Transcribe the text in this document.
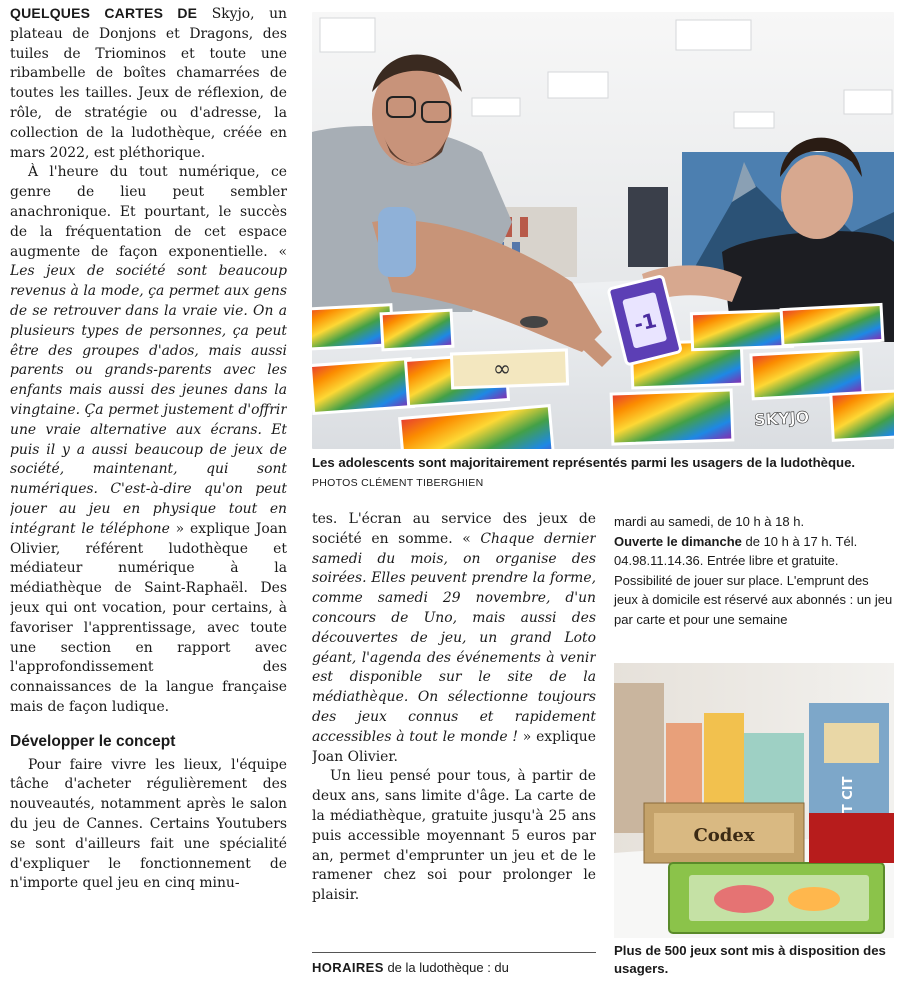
QUELQUES CARTES DE Skyjo, un plateau de Donjons et Dragons, des tuiles de Triominos et toute une ribambelle de boîtes chamarrées de toutes les tailles. Jeux de réflexion, de rôle, de stratégie ou d'adresse, la collection de la ludothèque, créée en mars 2022, est pléthorique.

À l'heure du tout numérique, ce genre de lieu peut sembler anachronique. Et pourtant, le succès de la fréquentation de cet espace augmente de façon exponentielle. « Les jeux de société sont beaucoup revenus à la mode, ça permet aux gens de se retrouver dans la vraie vie. On a plusieurs types de personnes, ça peut être des groupes d'ados, mais aussi parents ou grands-parents avec les enfants mais aussi des jeunes dans la vingtaine. Ça permet justement d'offrir une vraie alternative aux écrans. Et puis il y a aussi beaucoup de jeux de société, maintenant, qui sont numériques. C'est-à-dire qu'on peut jouer au jeu en physique tout en intégrant le téléphone » explique Joan Olivier, référent ludothèque et médiateur numérique à la médiathèque de Saint-Raphaël. Des jeux qui ont vocation, pour certains, à favoriser l'apprentissage, avec toute une section en rapport avec l'approfondissement des connaissances de la langue française mais de façon ludique.

Développer le concept

Pour faire vivre les lieux, l'équipe tâche d'acheter régulièrement des nouveautés, notamment après le salon du jeu de Cannes. Certains Youtubers se sont d'ailleurs fait une spécialité d'expliquer le fonctionnement de n'importe quel jeu en cinq minu-

∞
-1
SKYJO
Les adolescents sont majoritairement représentés parmi les usagers de la ludothèque. PHOTOS CLÉMENT TIBERGHIEN

tes. L'écran au service des jeux de société en somme. « Chaque dernier samedi du mois, on organise des soirées. Elles peuvent prendre la forme, comme samedi 29 novembre, d'un concours de Uno, mais aussi des découvertes de jeu, un grand Loto géant, l'agenda des événements à venir est disponible sur le site de la médiathèque. On sélectionne toujours des jeux connus et rapidement accessibles à tout le monde ! » explique Joan Olivier.

Un lieu pensé pour tous, à partir de deux ans, sans limite d'âge. La carte de la médiathèque, gratuite jusqu'à 25 ans puis accessible moyennant 5 euros par an, permet d'emprunter un jeu et de le ramener chez soi pour prolonger le plaisir.

HORAIRES de la ludothèque : du

mardi au samedi, de 10 h à 18 h.

Ouverte le dimanche de 10 h à 17 h. Tél. 04.98.11.14.36. Entrée libre et gratuite. Possibilité de jouer sur place. L'emprunt des jeux à domicile est réservé aux abonnés : un jeu par carte et pour une semaine

Codex
Plus de 500 jeux sont mis à disposition des usagers.
